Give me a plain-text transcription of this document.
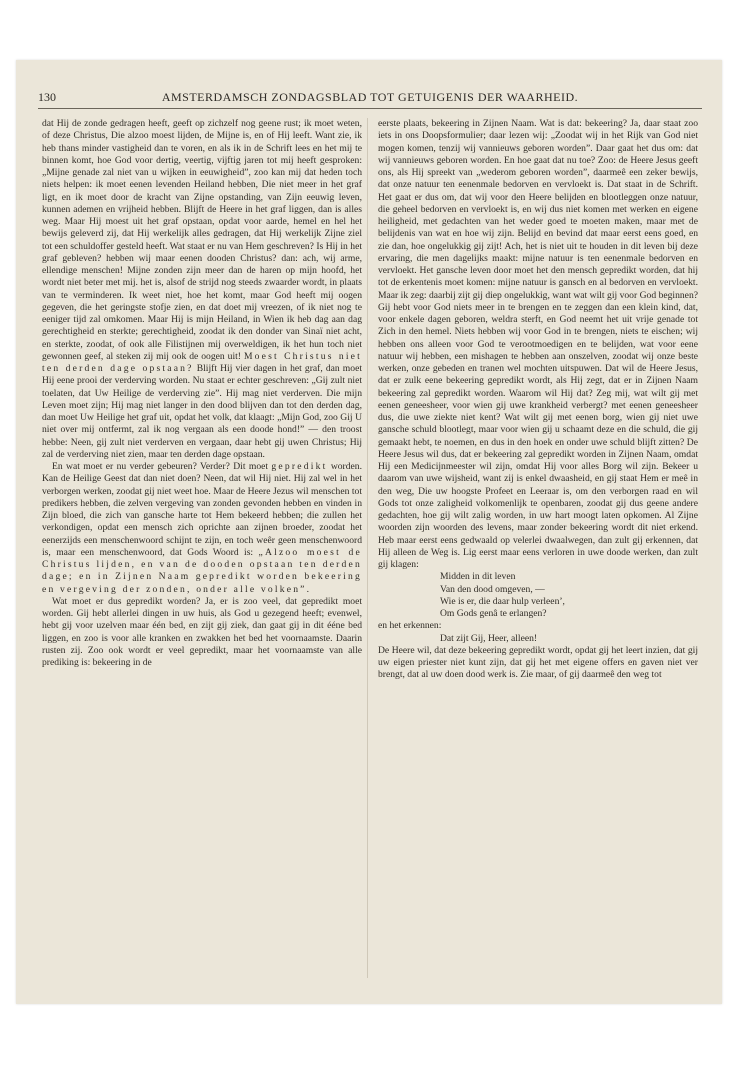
130	AMSTERDAMSCH ZONDAGSBLAD TOT GETUIGENIS DER WAARHEID.

dat Hij de zonde gedragen heeft, geeft op zichzelf nog geene rust; ik moet weten, of deze Christus, Die alzoo moest lijden, de Mijne is, en of Hij leeft. Want zie, ik heb thans minder vastigheid dan te voren, en als ik in de Schrift lees en het mij te binnen komt, hoe God voor dertig, veertig, vijftig jaren tot mij heeft gesproken: „Mijne genade zal niet van u wijken in eeuwigheid”, zoo kan mij dat heden toch niets helpen: ik moet eenen levenden Heiland hebben, Die niet meer in het graf ligt, en ik moet door de kracht van Zijne opstanding, van Zijn eeuwig leven, kunnen ademen en vrijheid hebben. Blijft de Heere in het graf liggen, dan is alles weg. Maar Hij moest uit het graf opstaan, opdat voor aarde, hemel en hel het bewijs geleverd zij, dat Hij werkelijk alles gedragen, dat Hij werkelijk Zijne ziel tot een schuldoffer gesteld heeft. Wat staat er nu van Hem geschreven? Is Hij in het graf gebleven? hebben wij maar eenen dooden Christus? dan: ach, wij arme, ellendige menschen! Mijne zonden zijn meer dan de haren op mijn hoofd, het wordt niet beter met mij. het is, alsof de strijd nog steeds zwaarder wordt, in plaats van te verminderen. Ik weet niet, hoe het komt, maar God heeft mij oogen gegeven, die het geringste stofje zien, en dat doet mij vreezen, of ik niet nog te eeniger tijd zal omkomen. Maar Hij is mijn Heiland, in Wien ik heb dag aan dag gerechtigheid en sterkte; gerechtigheid, zoodat ik den donder van Sinaï niet acht, en sterkte, zoodat, of ook alle Filistijnen mij overweldigen, ik het hun toch niet gewonnen geef, al steken zij mij ook de oogen uit! Moest Christus niet ten derden dage opstaan? Blijft Hij vier dagen in het graf, dan moet Hij eene prooi der verderving worden. Nu staat er echter geschreven: „Gij zult niet toelaten, dat Uw Heilige de verderving zie”. Hij mag niet verderven. Die mijn Leven moet zijn; Hij mag niet langer in den dood blijven dan tot den derden dag, dan moet Uw Heilige het graf uit, opdat het volk, dat klaagt: „Mijn God, zoo Gij U niet over mij ontfermt, zal ik nog vergaan als een doode hond!” — den troost hebbe: Neen, gij zult niet verderven en vergaan, daar hebt gij uwen Christus; Hij zal de verderving niet zien, maar ten derden dage opstaan.

En wat moet er nu verder gebeuren? Verder? Dit moet gepredikt worden. Kan de Heilige Geest dat dan niet doen? Neen, dat wil Hij niet. Hij zal wel in het verborgen werken, zoodat gij niet weet hoe. Maar de Heere Jezus wil menschen tot predikers hebben, die zelven vergeving van zonden gevonden hebben en vinden in Zijn bloed, die zich van gansche harte tot Hem bekeerd hebben; die zullen het verkondigen, opdat een mensch zich oprichte aan zijnen broeder, zoodat het eenerzijds een menschenwoord schijnt te zijn, en toch weêr geen menschenwoord is, maar een menschenwoord, dat Gods Woord is: „Alzoo moest de Christus lijden, en van de dooden opstaan ten derden dage; en in Zijnen Naam gepredikt worden bekeering en vergeving der zonden, onder alle volken”.

Wat moet er dus gepredikt worden? Ja, er is zoo veel, dat gepredikt moet worden. Gij hebt allerlei dingen in uw huis, als God u gezegend heeft; evenwel, hebt gij voor uzelven maar één bed, en zijt gij ziek, dan gaat gij in dit ééne bed liggen, en zoo is voor alle kranken en zwakken het bed het voornaamste. Daarin rusten zij. Zoo ook wordt er veel gepredikt, maar het voornaamste van alle prediking is: bekeering in de

eerste plaats, bekeering in Zijnen Naam. Wat is dat: bekeering? Ja, daar staat zoo iets in ons Doopsformulier; daar lezen wij: „Zoodat wij in het Rijk van God niet mogen komen, tenzij wij vannieuws geboren worden”. Daar gaat het dus om: dat wij vannieuws geboren worden. En hoe gaat dat nu toe? Zoo: de Heere Jesus geeft ons, als Hij spreekt van „wederom geboren worden”, daarmeê een zeker bewijs, dat onze natuur ten eenenmale bedorven en vervloekt is. Dat staat in de Schrift. Het gaat er dus om, dat wij voor den Heere belijden en blootleggen onze natuur, die geheel bedorven en vervloekt is, en wij dus niet komen met werken en eigene heiligheid, met gedachten van het weder goed te moeten maken, maar met de belijdenis van wat en hoe wij zijn. Belijd en bevind dat maar eerst eens goed, en zie dan, hoe ongelukkig gij zijt! Ach, het is niet uit te houden in dit leven bij deze ervaring, die men dagelijks maakt: mijne natuur is ten eenenmale bedorven en vervloekt. Het gansche leven door moet het den mensch gepredikt worden, dat hij tot de erkentenis moet komen: mijne natuur is gansch en al bedorven en vervloekt. Maar ik zeg: daarbij zijt gij diep ongelukkig, want wat wilt gij voor God beginnen? Gij hebt voor God niets meer in te brengen en te zeggen dan een klein kind, dat, voor enkele dagen geboren, weldra sterft, en God neemt het uit vrije genade tot Zich in den hemel. Niets hebben wij voor God in te brengen, niets te eischen; wij hebben ons alleen voor God te verootmoedigen en te belijden, wat voor eene natuur wij hebben, een mishagen te hebben aan onszelven, zoodat wij onze beste werken, onze gebeden en tranen wel mochten uitspuwen. Dat wil de Heere Jesus, dat er zulk eene bekeering gepredikt wordt, als Hij zegt, dat er in Zijnen Naam bekeering zal gepredikt worden. Waarom wil Hij dat? Zeg mij, wat wilt gij met eenen geneesheer, voor wien gij uwe krankheid verbergt? met eenen geneesheer dus, die uwe ziekte niet kent? Wat wilt gij met eenen borg, wien gij niet uwe gansche schuld blootlegt, maar voor wien gij u schaamt deze en die schuld, die gij gemaakt hebt, te noemen, en dus in den hoek en onder uwe schuld blijft zitten? De Heere Jesus wil dus, dat er bekeering zal gepredikt worden in Zijnen Naam, omdat Hij een Medicijnmeester wil zijn, omdat Hij voor alles Borg wil zijn. Bekeer u daarom van uwe wijsheid, want zij is enkel dwaasheid, en gij staat Hem er meê in den weg, Die uw hoogste Profeet en Leeraar is, om den verborgen raad en wil Gods tot onze zaligheid volkomenlijk te openbaren, zoodat gij dus geene andere gedachten, hoe gij wilt zalig worden, in uw hart moogt laten opkomen. Al Zijne woorden zijn woorden des levens, maar zonder bekeering wordt dit niet erkend. Heb maar eerst eens gedwaald op velerlei dwaalwegen, dan zult gij erkennen, dat Hij alleen de Weg is. Lig eerst maar eens verloren in uwe doode werken, dan zult gij klagen:

Midden in dit leven
Van den dood omgeven, —
Wie is er, die daar hulp verleen’,
Om Gods genâ te erlangen?

en het erkennen:

Dat zijt Gij, Heer, alleen!

De Heere wil, dat deze bekeering gepredikt wordt, opdat gij het leert inzien, dat gij uw eigen priester niet kunt zijn, dat gij het met eigene offers en gaven niet ver brengt, dat al uw doen dood werk is. Zie maar, of gij daarmeê den weg tot
